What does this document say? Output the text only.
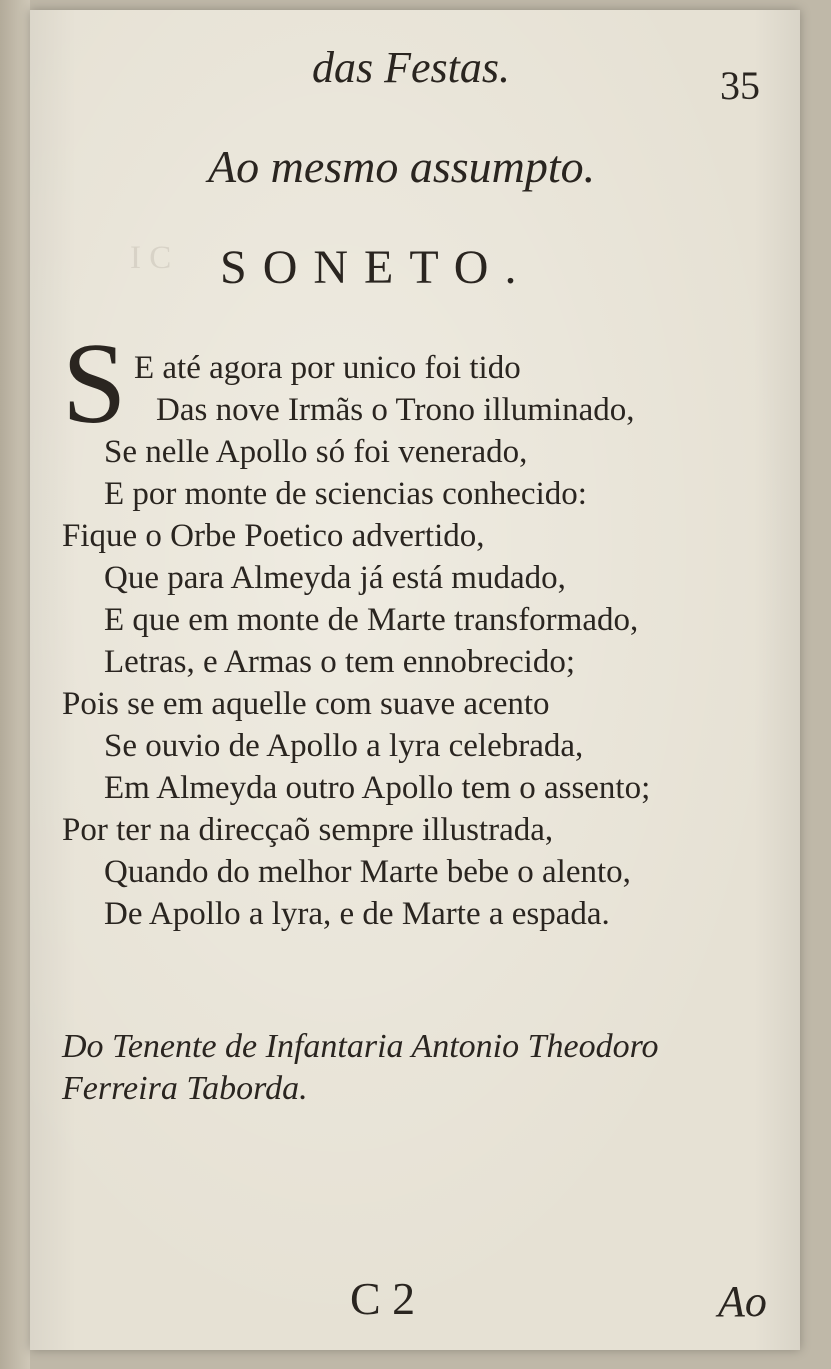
I C
das Festas.	35
Ao mesmo assumpto.
SONETO.
S E até agora por unico foi tido
Das nove Irmãs o Trono illuminado,
Se nelle Apollo só foi venerado,
E por monte de sciencias conhecido:
Fique o Orbe Poetico advertido,
Que para Almeyda já está mudado,
E que em monte de Marte transformado,
Letras, e Armas o tem ennobrecido;
Pois se em aquelle com suave acento
Se ouvio de Apollo a lyra celebrada,
Em Almeyda outro Apollo tem o assento;
Por ter na direcçaõ sempre illustrada,
Quando do melhor Marte bebe o alento,
De Apollo a lyra, e de Marte a espada.
Do Tenente de Infantaria Antonio Theodoro
Ferreira Taborda.
C 2	Ao
